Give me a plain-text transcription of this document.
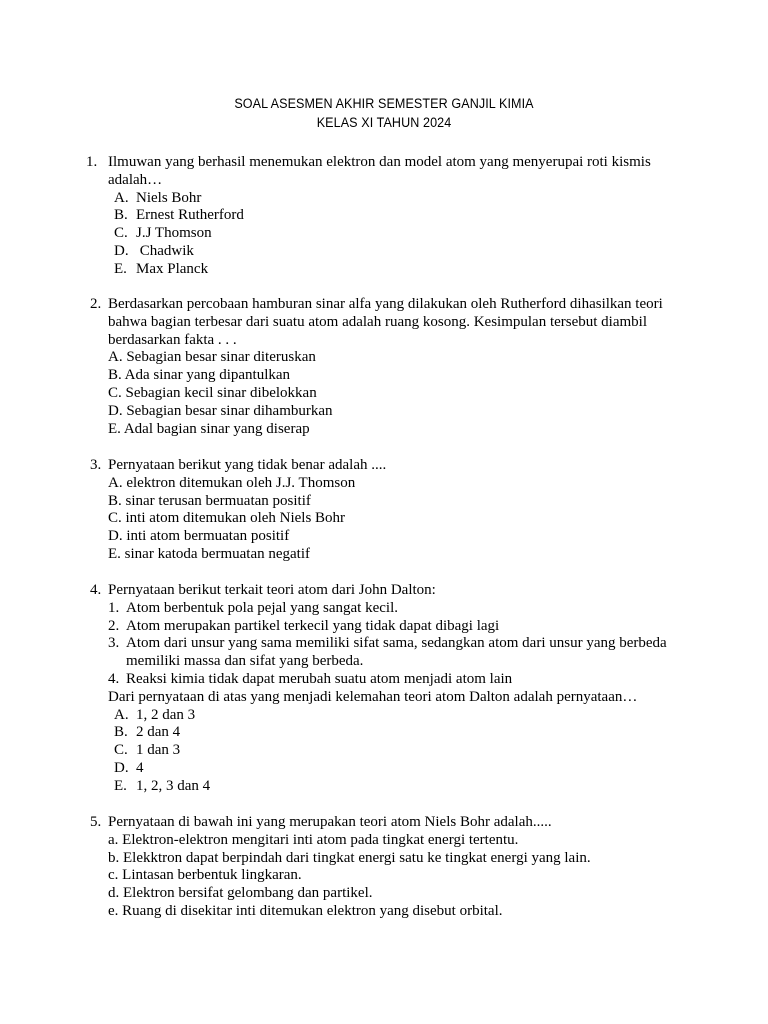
SOAL ASESMEN AKHIR SEMESTER GANJIL KIMIA
KELAS XI TAHUN 2024
1. Ilmuwan yang berhasil menemukan elektron dan model atom yang menyerupai roti kismis
adalah…
A. Niels Bohr
B. Ernest Rutherford
C. J.J Thomson
D. Chadwik
E. Max Planck
2. Berdasarkan percobaan hamburan sinar alfa yang dilakukan oleh Rutherford dihasilkan teori
bahwa bagian terbesar dari suatu atom adalah ruang kosong. Kesimpulan tersebut diambil
berdasarkan fakta . . .
A. Sebagian besar sinar diteruskan
B. Ada sinar yang dipantulkan
C. Sebagian kecil sinar dibelokkan
D. Sebagian besar sinar dihamburkan
E. Adal bagian sinar yang diserap
3. Pernyataan berikut yang tidak benar adalah ....
A. elektron ditemukan oleh J.J. Thomson
B. sinar terusan bermuatan positif
C. inti atom ditemukan oleh Niels Bohr
D. inti atom bermuatan positif
E. sinar katoda bermuatan negatif
4. Pernyataan berikut terkait teori atom dari John Dalton:
1. Atom berbentuk pola pejal yang sangat kecil.
2. Atom merupakan partikel terkecil yang tidak dapat dibagi lagi
3. Atom dari unsur yang sama memiliki sifat sama, sedangkan atom dari unsur yang berbeda
memiliki massa dan sifat yang berbeda.
4. Reaksi kimia tidak dapat merubah suatu atom menjadi atom lain
Dari pernyataan di atas yang menjadi kelemahan teori atom Dalton adalah pernyataan…
A. 1, 2 dan 3
B. 2 dan 4
C. 1 dan 3
D. 4
E. 1, 2, 3 dan 4
5. Pernyataan di bawah ini yang merupakan teori atom Niels Bohr adalah.....
a. Elektron-elektron mengitari inti atom pada tingkat energi tertentu.
b. Elekktron dapat berpindah dari tingkat energi satu ke tingkat energi yang lain.
c. Lintasan berbentuk lingkaran.
d. Elektron bersifat gelombang dan partikel.
e. Ruang di disekitar inti ditemukan elektron yang disebut orbital.
